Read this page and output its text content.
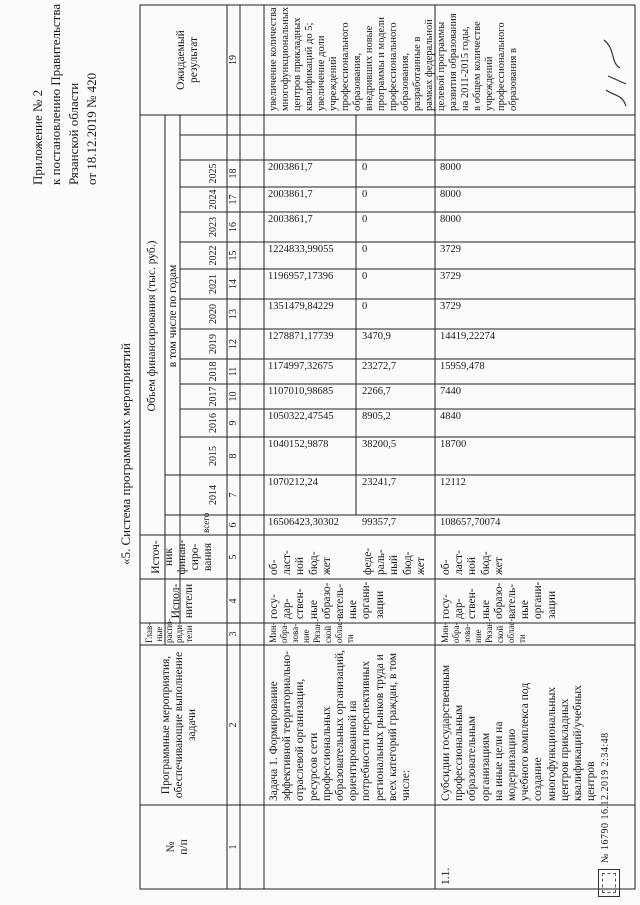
Приложение № 2 к постановлению Правительства Рязанской области от 18.12.2019 № 420
«5. Система программных мероприятий
№
п/п
Программные мероприятия,
обеспечивающие выполнение
задачи
Глав-
ные
распо-
ряди-
тели
Испол-
нители
Источ-
ник
финан-
сиро-
вания
Объем финансирования (тыс. руб.)
всего
в том числе по годам
Ожидаемый результат
2014
2015
2016
2017
2018
2019
2020
2021
2022
2023
2024
2025
1
2
3
4
5
6
7
8
9
10
11
12
13
14
15
16
17
18
19
Задача 1. Формирование
эффективной территориально-
отраслевой организации,
ресурсов сети
профессиональных
образовательных организаций,
ориентированной на
потребности перспективных
региональных рынков труда и
всех категорий граждан, в том
числе:
Мин-
обра-
зова-
ние
Рязан-
ской
облас-
ти
госу-
дар-
ствен-
ные
образо-
ватель-
ные
органи-
зации
об-
ласт-
ной
бюд-
жет	феде-
раль-
ный
бюд-
жет
увеличение количества
многофункциональных
центров прикладных
квалификаций до 5;
увеличение доли
учреждений
профессионального
образования,
внедривших новые
программы и модели
профессионального
образования,
разработанные в
рамках федеральной
целевой программы
развития образования
на 2011-2015 годы,
в общем количестве
учреждений
профессионального
образования в
16506423,30302
1070212,24
1040152,9878
1050322,47545
1107010,98685
1174997,32675
1278871,17739
1351479,84229
1196957,17396
1224833,99055
2003861,7
2003861,7
2003861,7
99357,7
23241,7
38200,5
8905,2
2266,7
23272,7
3470,9
0
0
0
0
0
0
1.1.
Субсидии государственным
профессиональным
образовательным организациям
на иные цели на модернизацию
учебного комплекса под
создание многофункциональных
центров прикладных
квалификаций/учебных центров
Мин-
обра-
зова-
ние
Рязан-
ской
облас-
ти
госу-
дар-
ствен-
ные
образо-
ватель-
ные
органи-
зации
об-
ласт-
ной
бюд-
жет
108657,70074
12112
18700
4840
7440
15959,478
14419,22274
3729
3729
3729
8000
8000
8000
№ 16790 16.12.2019 2:34:48
